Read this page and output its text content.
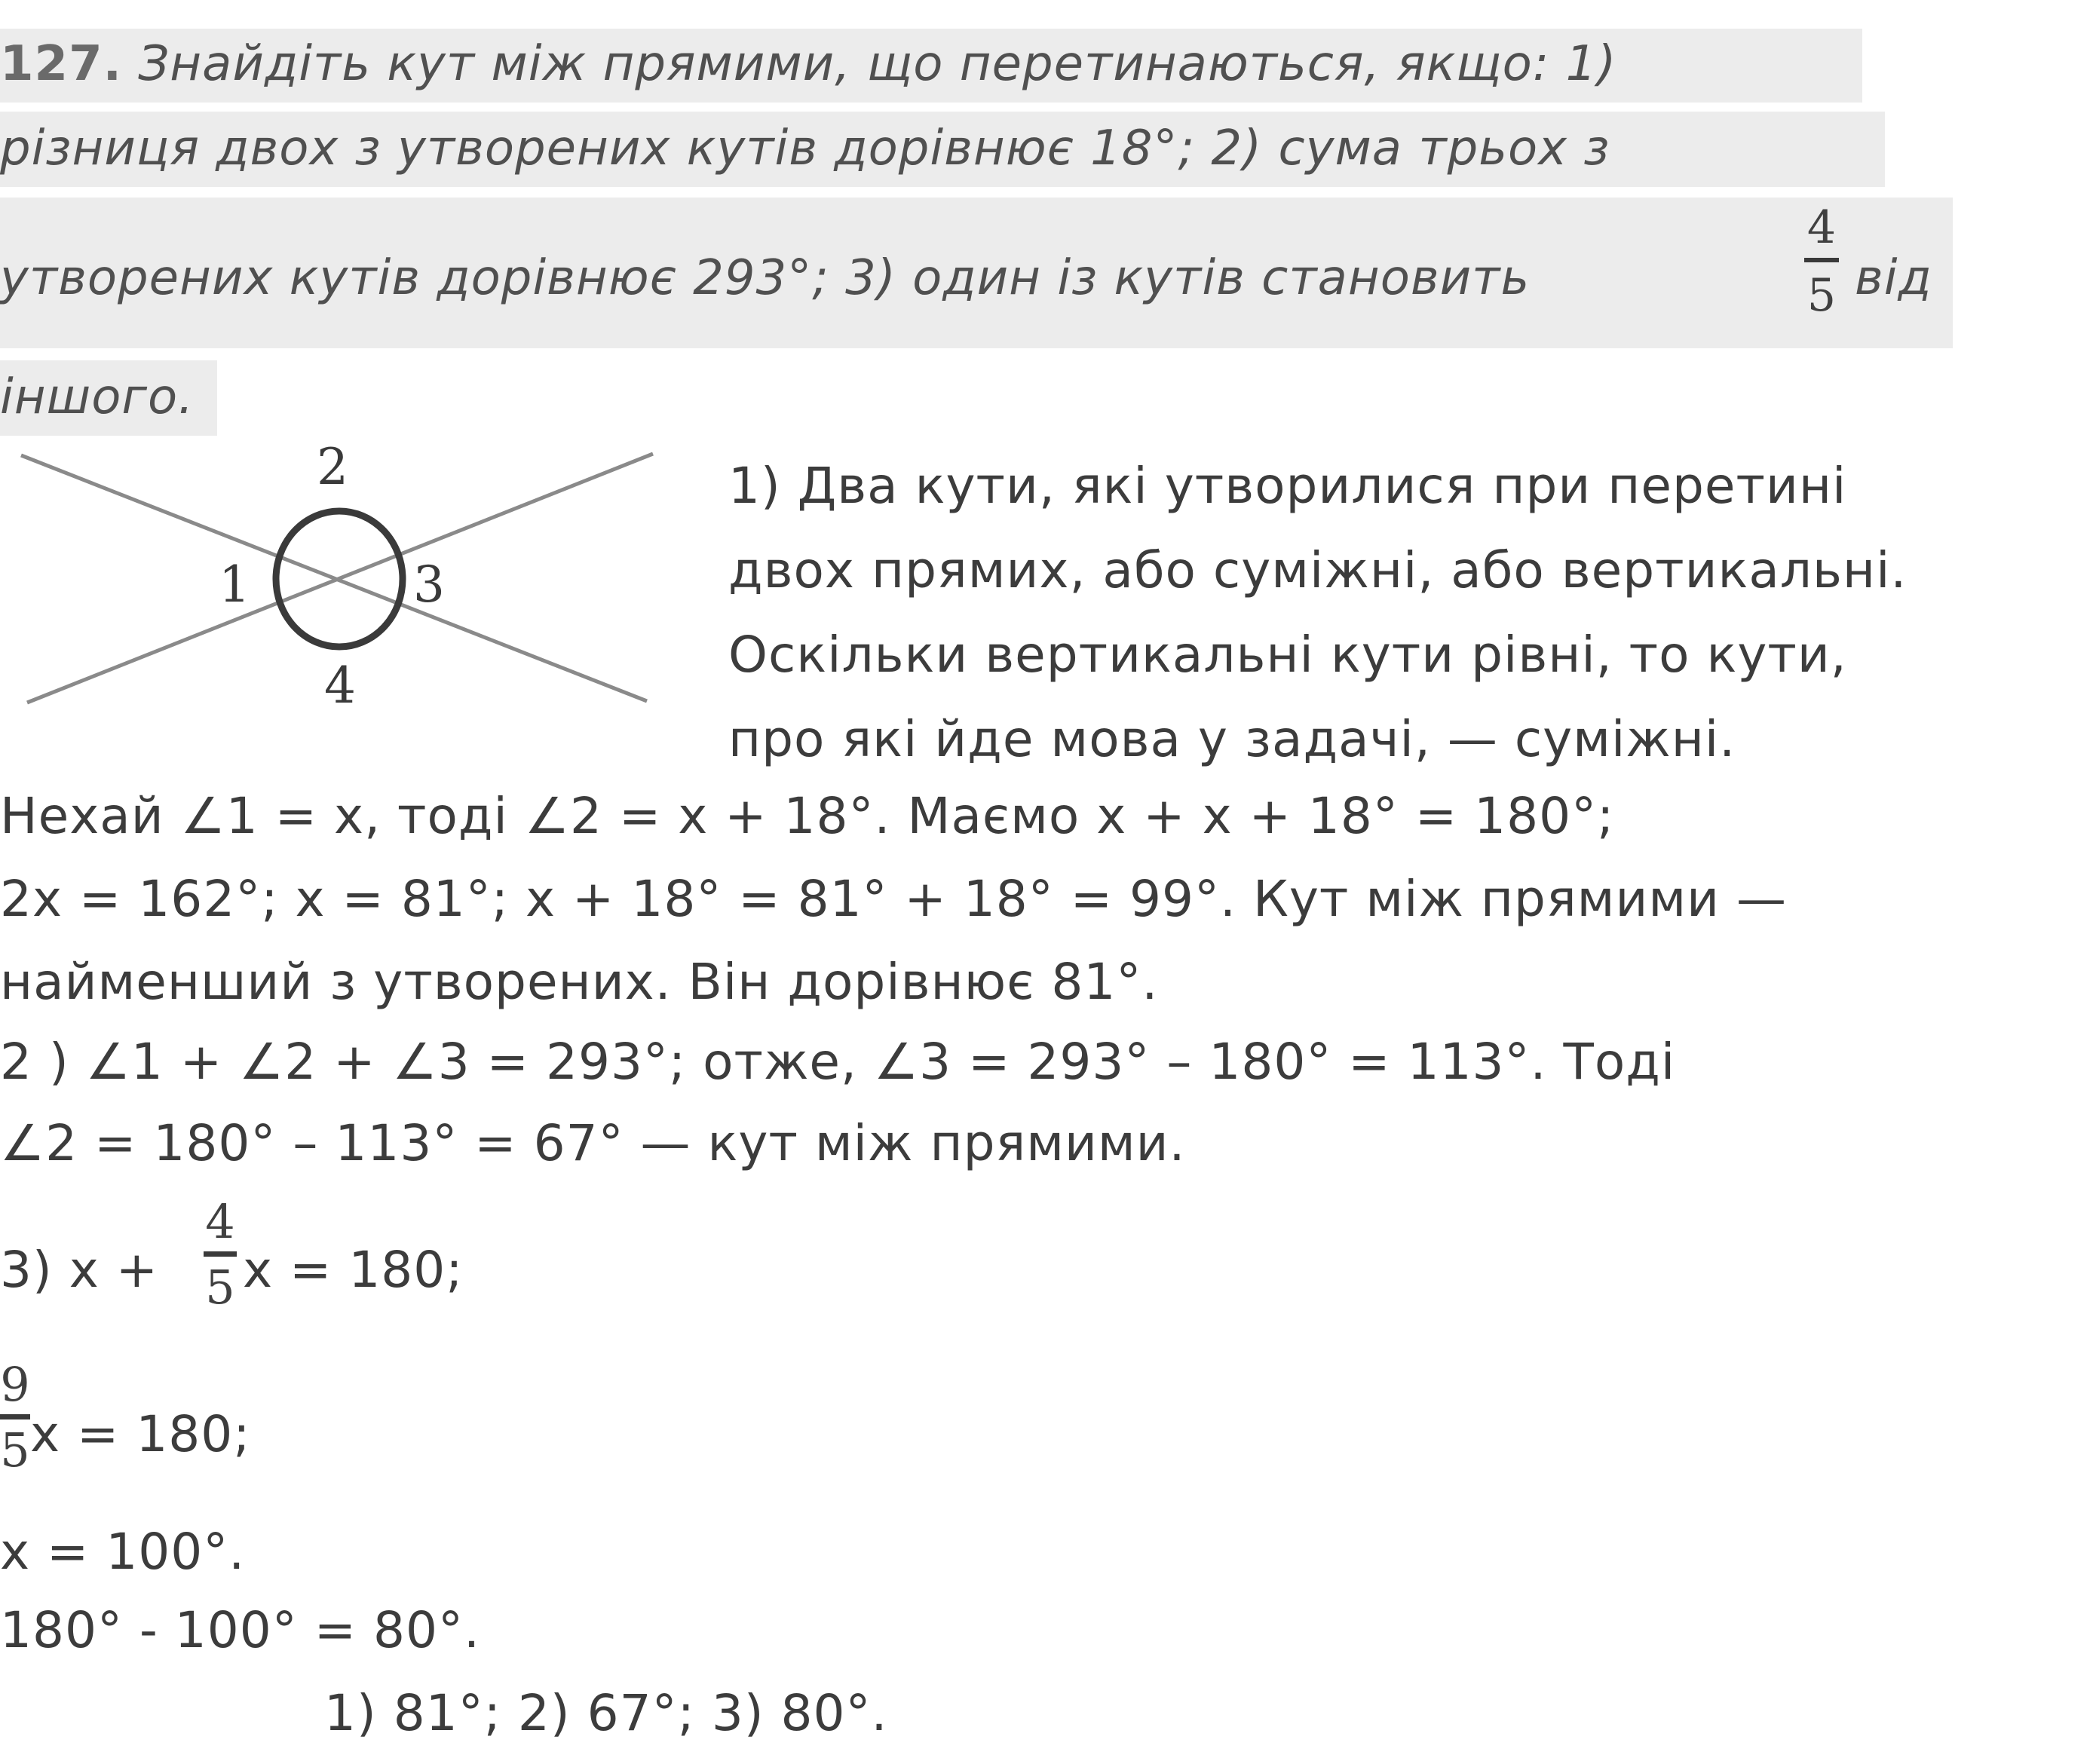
127. Знайдіть кут між прямими, що перетинаються, якщо: 1)
різниця двох з утворених кутів дорівнює 18°; 2) сума трьох з
утворених кутів дорівнює 293°; 3) один із кутів становить
4
5 від
іншого.
1
2
3
4
1) Два кути, які утворилися при перетині
двох прямих, або суміжні, або вертикальні.
Оскільки вертикальні кути рівні, то кути,
про які йде мова у задачі, — суміжні.
Нехай ∠1 = x, тоді ∠2 = x + 18°. Маємо x + x + 18° = 180°;
2x = 162°; x = 81°; x + 18° = 81° + 18° = 99°. Кут між прямими —
найменший з утворених. Він дорівнює 81°.
2 ) ∠1 + ∠2 + ∠3 = 293°; отже, ∠3 = 293° – 180° = 113°. Тоді
∠2 = 180° – 113° = 67° — кут між прямими.
3) x +
4
5 x = 180;
9
5 x = 180;
x = 100°.
180° - 100° = 80°.
1) 81°; 2) 67°; 3) 80°.
